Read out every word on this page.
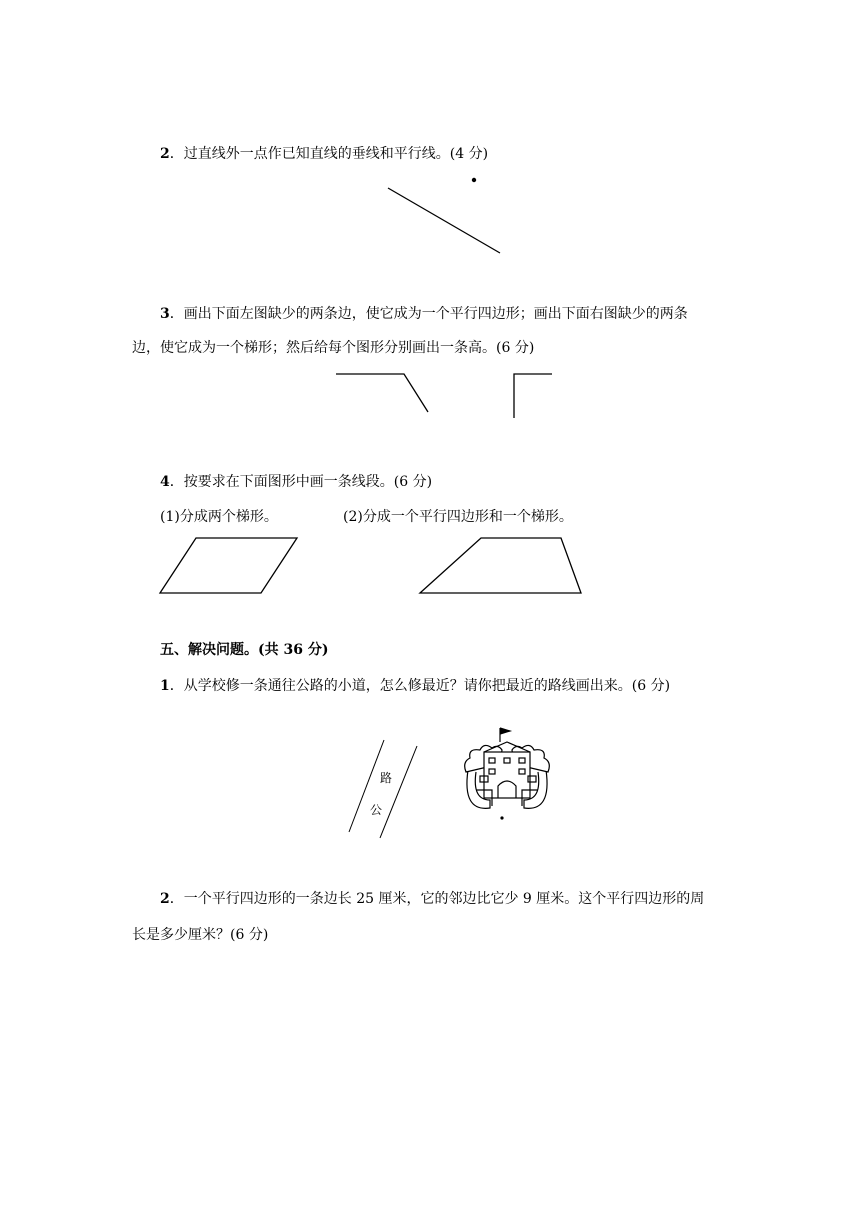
2．过直线外一点作已知直线的垂线和平行线。(4 分)
3．画出下面左图缺少的两条边，使它成为一个平行四边形；画出下面右图缺少的两条
边，使它成为一个梯形；然后给每个图形分别画出一条高。(6 分)
4．按要求在下面图形中画一条线段。(6 分)
(1)分成两个梯形。	(2)分成一个平行四边形和一个梯形。
五、解决问题。(共 36 分)
1．从学校修一条通往公路的小道，怎么修最近？请你把最近的路线画出来。(6 分)
路
公
2．一个平行四边形的一条边长 25 厘米，它的邻边比它少 9 厘米。这个平行四边形的周
长是多少厘米？(6 分)
